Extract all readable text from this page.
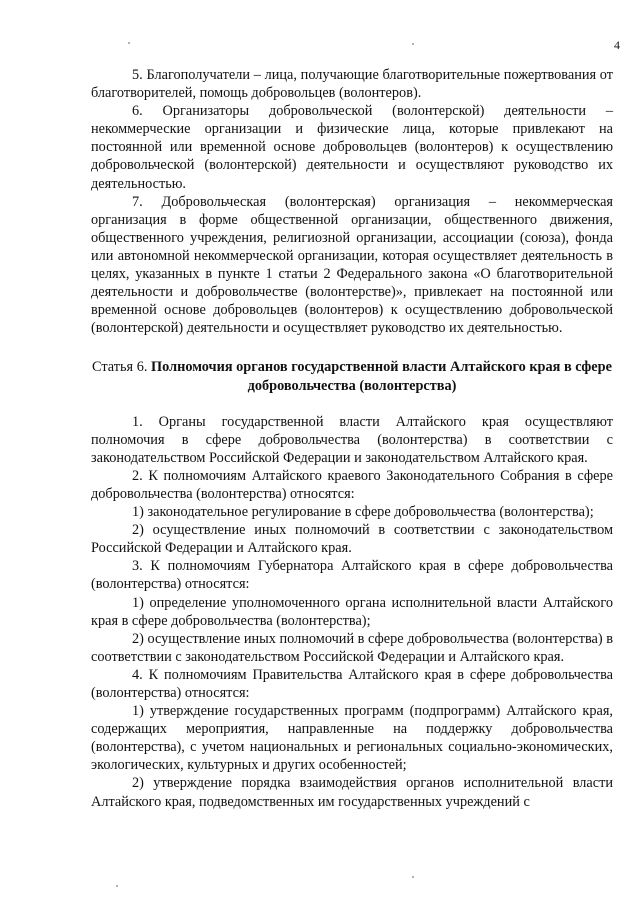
4

5. Благополучатели – лица, получающие благотворительные пожертвования от благотворителей, помощь добровольцев (волонтеров).

6. Организаторы добровольческой (волонтерской) деятельности – некоммерческие организации и физические лица, которые привлекают на постоянной или временной основе добровольцев (волонтеров) к осуществлению добровольческой (волонтерской) деятельности и осуществляют руководство их деятельностью.

7. Добровольческая (волонтерская) организация – некоммерческая организация в форме общественной организации, общественного движения, общественного учреждения, религиозной организации, ассоциации (союза), фонда или автономной некоммерческой организации, которая осуществляет деятельность в целях, указанных в пункте 1 статьи 2 Федерального закона «О благотворительной деятельности и добровольчестве (волонтерстве)», привлекает на постоянной или временной основе добровольцев (волонтеров) к осуществлению добровольческой (волонтерской) деятельности и осуществляет руководство их деятельностью.

Статья 6. Полномочия органов государственной власти Алтайского края в сфере добровольчества (волонтерства)

1. Органы государственной власти Алтайского края осуществляют полномочия в сфере добровольчества (волонтерства) в соответствии с законодательством Российской Федерации и законодательством Алтайского края.

2. К полномочиям Алтайского краевого Законодательного Собрания в сфере добровольчества (волонтерства) относятся:

1) законодательное регулирование в сфере добровольчества (волонтерства);

2) осуществление иных полномочий в соответствии с законодательством Российской Федерации и Алтайского края.

3. К полномочиям Губернатора Алтайского края в сфере добровольчества (волонтерства) относятся:

1) определение уполномоченного органа исполнительной власти Алтайского края в сфере добровольчества (волонтерства);

2) осуществление иных полномочий в сфере добровольчества (волонтерства) в соответствии с законодательством Российской Федерации и Алтайского края.

4. К полномочиям Правительства Алтайского края в сфере добровольчества (волонтерства) относятся:

1) утверждение государственных программ (подпрограмм) Алтайского края, содержащих мероприятия, направленные на поддержку добровольчества (волонтерства), с учетом национальных и региональных социально-экономических, экологических, культурных и других особенностей;

2) утверждение порядка взаимодействия органов исполнительной власти Алтайского края, подведомственных им государственных учреждений с
